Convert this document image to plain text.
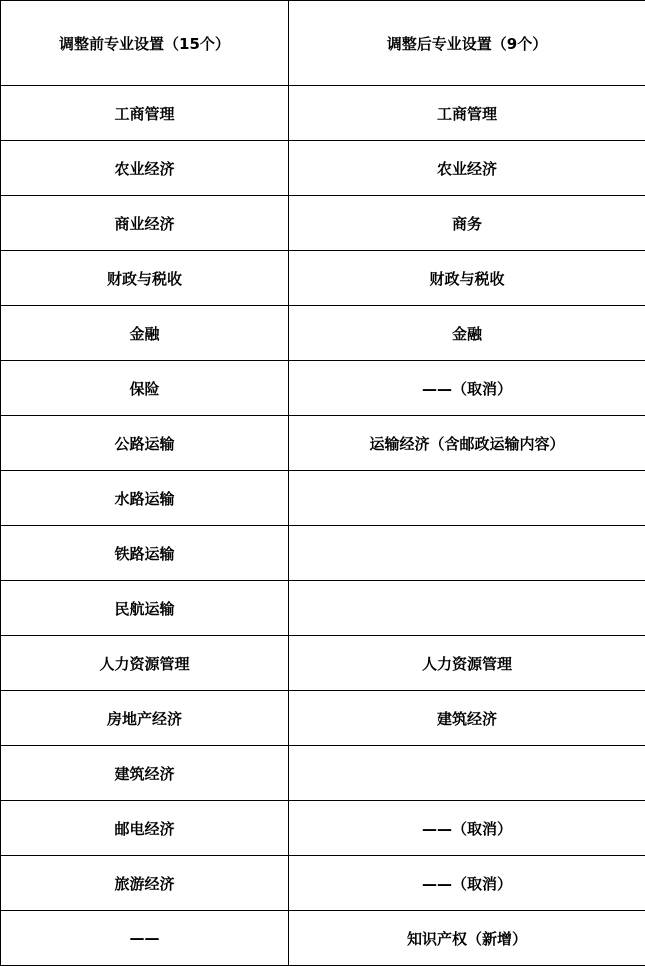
调整前专业设置（15个）	调整后专业设置（9个）
工商管理	工商管理
农业经济	农业经济
商业经济	商务
财政与税收	财政与税收
金融	金融
保险	——（取消）
公路运输	运输经济（含邮政运输内容）
水路运输	
铁路运输	
民航运输	
人力资源管理	人力资源管理
房地产经济	建筑经济
建筑经济	
邮电经济	——（取消）
旅游经济	——（取消）
——	知识产权（新增）
